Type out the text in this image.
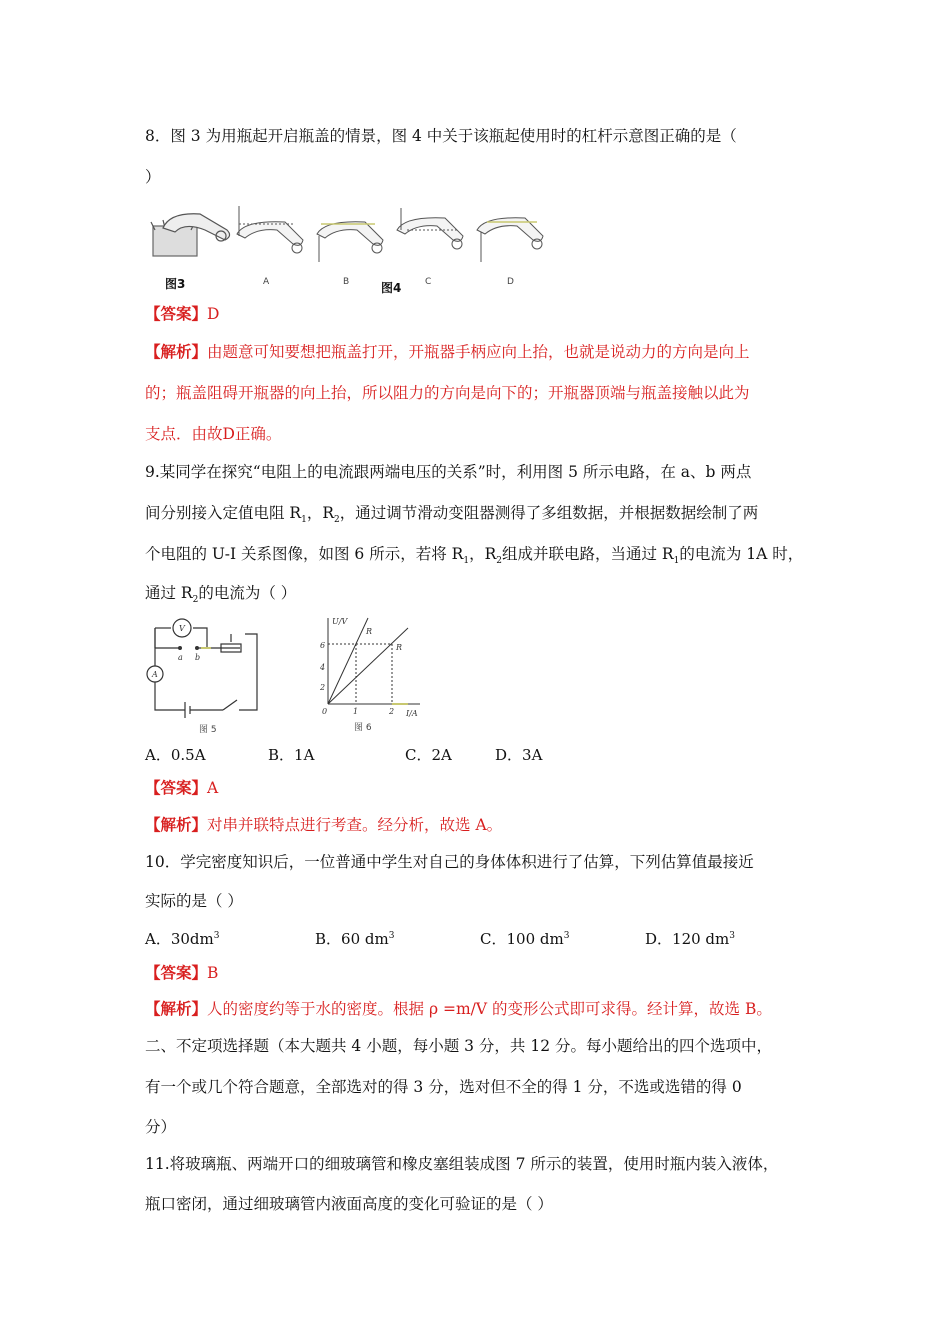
8．图 3 为用瓶起开启瓶盖的情景，图 4 中关于该瓶起使用时的杠杆示意图正确的是（
）
图3	A	B	图4	C	D
【答案】D
【解析】由题意可知要想把瓶盖打开，开瓶器手柄应向上抬，也就是说动力的方向是向上
的；瓶盖阻碍开瓶器的向上抬，所以阻力的方向是向下的；开瓶器顶端与瓶盖接触以此为
支点．由故D正确。
9.某同学在探究“电阻上的电流跟两端电压的关系”时，利用图 5 所示电路，在 a、b 两点
间分别接入定值电阻 $R_1$，$R_2$，通过调节滑动变阻器测得了多组数据，并根据数据绘制了两
个电阻的 U-I 关系图像，如图 6 所示，若将 $R_1$，$R_2$组成并联电路，当通过 $R_1$的电流为 1A 时，
通过 $R_2$的电流为（ ）
V
A
a b
图 5
U/V
I/A
R
R
0
2
4
6
1	2
图 6
A．0.5A	B．1A	C．2A	D．3A
【答案】A
【解析】对串并联特点进行考查。经分析，故选 A。
10．学完密度知识后，一位普通中学生对自己的身体体积进行了估算，下列估算值最接近
实际的是（ ）
A．$30dm^3$	B．60 $dm^3$	C．100 $dm^3$	D．120 $dm^3$
【答案】B
【解析】人的密度约等于水的密度。根据 ρ =m/V 的变形公式即可求得。经计算，故选 B。
二、不定项选择题（本大题共 4 小题，每小题 3 分，共 12 分。每小题给出的四个选项中，
有一个或几个符合题意，全部选对的得 3 分，选对但不全的得 1 分，不选或选错的得 0
分）
11.将玻璃瓶、两端开口的细玻璃管和橡皮塞组装成图 7 所示的装置，使用时瓶内装入液体，
瓶口密闭，通过细玻璃管内液面高度的变化可验证的是（ ）
